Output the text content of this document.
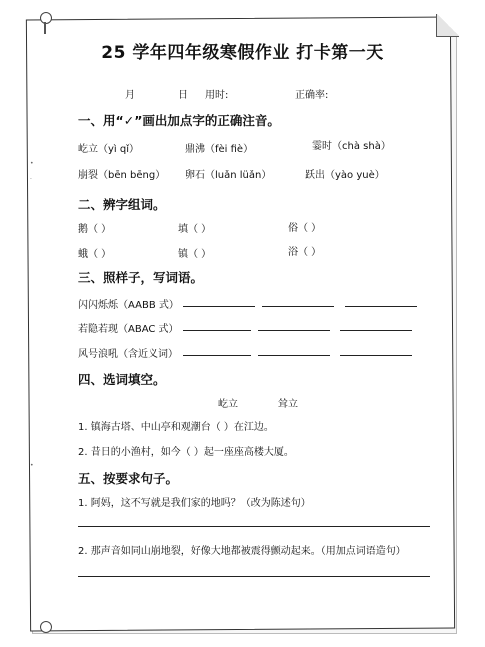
•
·
•
25 学年四年级寒假作业 打卡第一天
月	日 用时:	正确率:
一、用“✓”画出加点字的正确注音。
屹立（yì qǐ）	鼎沸（fèi fiè）	霎时（chà shà）
崩裂（bēn bēng） 卵石（luǎn lüǎn）	跃出（yào yuè）
二、辨字组词。
鹅（ ）	填（ ）	俗（ ）
蛾（ ）	镇（ ）	浴（ ）
三、照样子，写词语。
闪闪烁烁（AABB 式）
若隐若现（ABAC 式）
风号浪吼（含近义词）
四、选词填空。
屹立	耸立
1. 镇海古塔、中山亭和观潮台（ ）在江边。
2. 昔日的小渔村，如今（ ）起一座座高楼大厦。
五、按要求句子。
1. 阿妈，这不写就是我们家的地吗？（改为陈述句）
2. 那声音如同山崩地裂，好像大地都被震得颤动起来。（用加点词语造句）
